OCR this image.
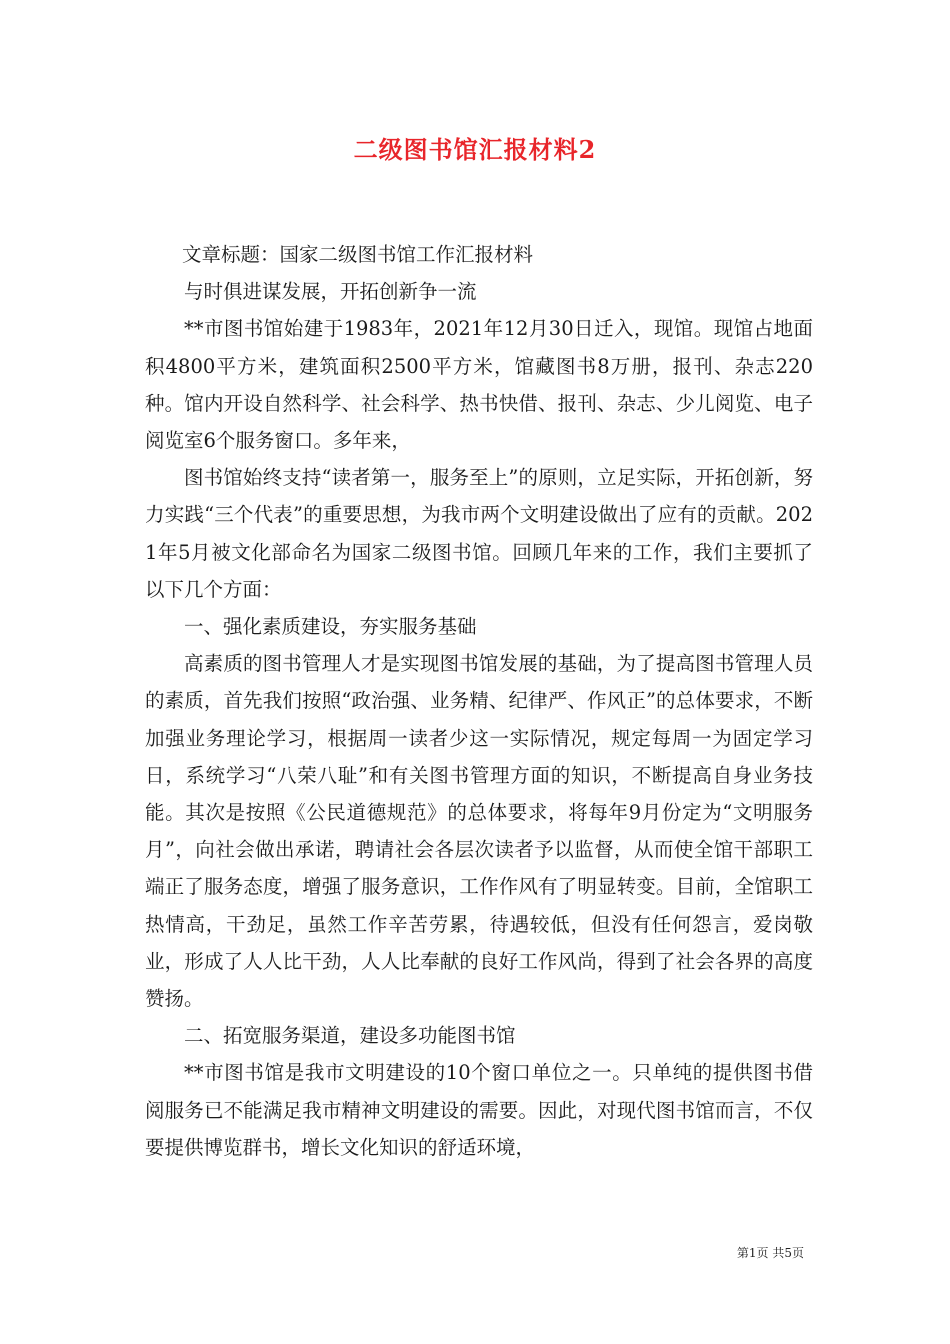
二级图书馆汇报材料2

文章标题：国家二级图书馆工作汇报材料

与时俱进谋发展，开拓创新争一流

**市图书馆始建于1983年，2021年12月30日迁入，现馆。现馆占地面积4800平方米，建筑面积2500平方米，馆藏图书8万册，报刊、杂志220种。馆内开设自然科学、社会科学、热书快借、报刊、杂志、少儿阅览、电子阅览室6个服务窗口。多年来，

图书馆始终支持“读者第一，服务至上”的原则，立足实际，开拓创新，努力实践“三个代表”的重要思想，为我市两个文明建设做出了应有的贡献。2021年5月被文化部命名为国家二级图书馆。回顾几年来的工作，我们主要抓了以下几个方面：

一、强化素质建设，夯实服务基础

高素质的图书管理人才是实现图书馆发展的基础，为了提高图书管理人员的素质，首先我们按照“政治强、业务精、纪律严、作风正”的总体要求，不断加强业务理论学习，根据周一读者少这一实际情况，规定每周一为固定学习日，系统学习“八荣八耻”和有关图书管理方面的知识，不断提高自身业务技能。其次是按照《公民道德规范》的总体要求，将每年9月份定为“文明服务月”，向社会做出承诺，聘请社会各层次读者予以监督，从而使全馆干部职工端正了服务态度，增强了服务意识，工作作风有了明显转变。目前，全馆职工热情高，干劲足，虽然工作辛苦劳累，待遇较低，但没有任何怨言，爱岗敬业，形成了人人比干劲，人人比奉献的良好工作风尚，得到了社会各界的高度赞扬。

二、拓宽服务渠道，建设多功能图书馆

**市图书馆是我市文明建设的10个窗口单位之一。只单纯的提供图书借阅服务已不能满足我市精神文明建设的需要。因此，对现代图书馆而言，不仅要提供博览群书，增长文化知识的舒适环境，

第1页 共5页
